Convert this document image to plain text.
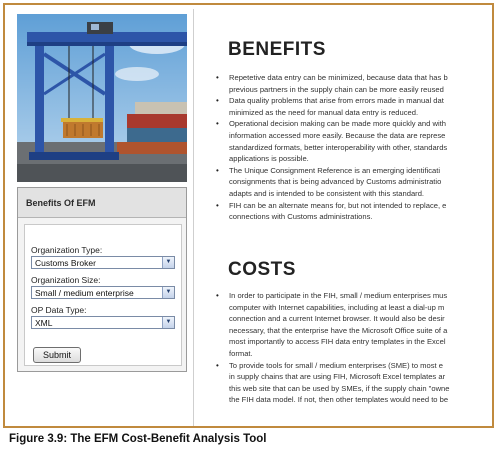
Benefits Of EFM
Organization Type:
Customs Broker	▼
Organization Size:
Small / medium enterprise	▼
OP Data Type:
XML	▼
Submit
BENEFITS
• Repetetive data entry can be minimized, because data that has b
previous partners in the supply chain can be more easily reused
• Data quality problems that arise from errors made in manual dat
minimized as the need for manual data entry is reduced.
• Operational decision making can be made more quickly and with
information accessed more easily. Because the data are represe
standardized formats, better interoperability with other, standards
applications is possible.
• The Unique Consignment Reference is an emerging identificati
consignments that is being advanced by Customs administratio
adapts and is intended to be consistent with this standard.
• FIH can be an alternate means for, but not intended to replace, e
connections with Customs administrations.
COSTS
• In order to participate in the FIH, small / medium enterprises mus
computer with Internet capabilities, including at least a dial-up m
connection and a current Internet browser. It would also be desir
necessary, that the enterprise have the Microsoft Office suite of a
most importantly to access FIH data entry templates in the Excel
format.
• To provide tools for small / medium enterprises (SME) to most e
in supply chains that are using FIH, Microsoft Excel templates ar
this web site that can be used by SMEs, if the supply chain "owne
the FIH data model. If not, then other templates would need to be
Figure 3.9: The EFM Cost-Benefit Analysis Tool
